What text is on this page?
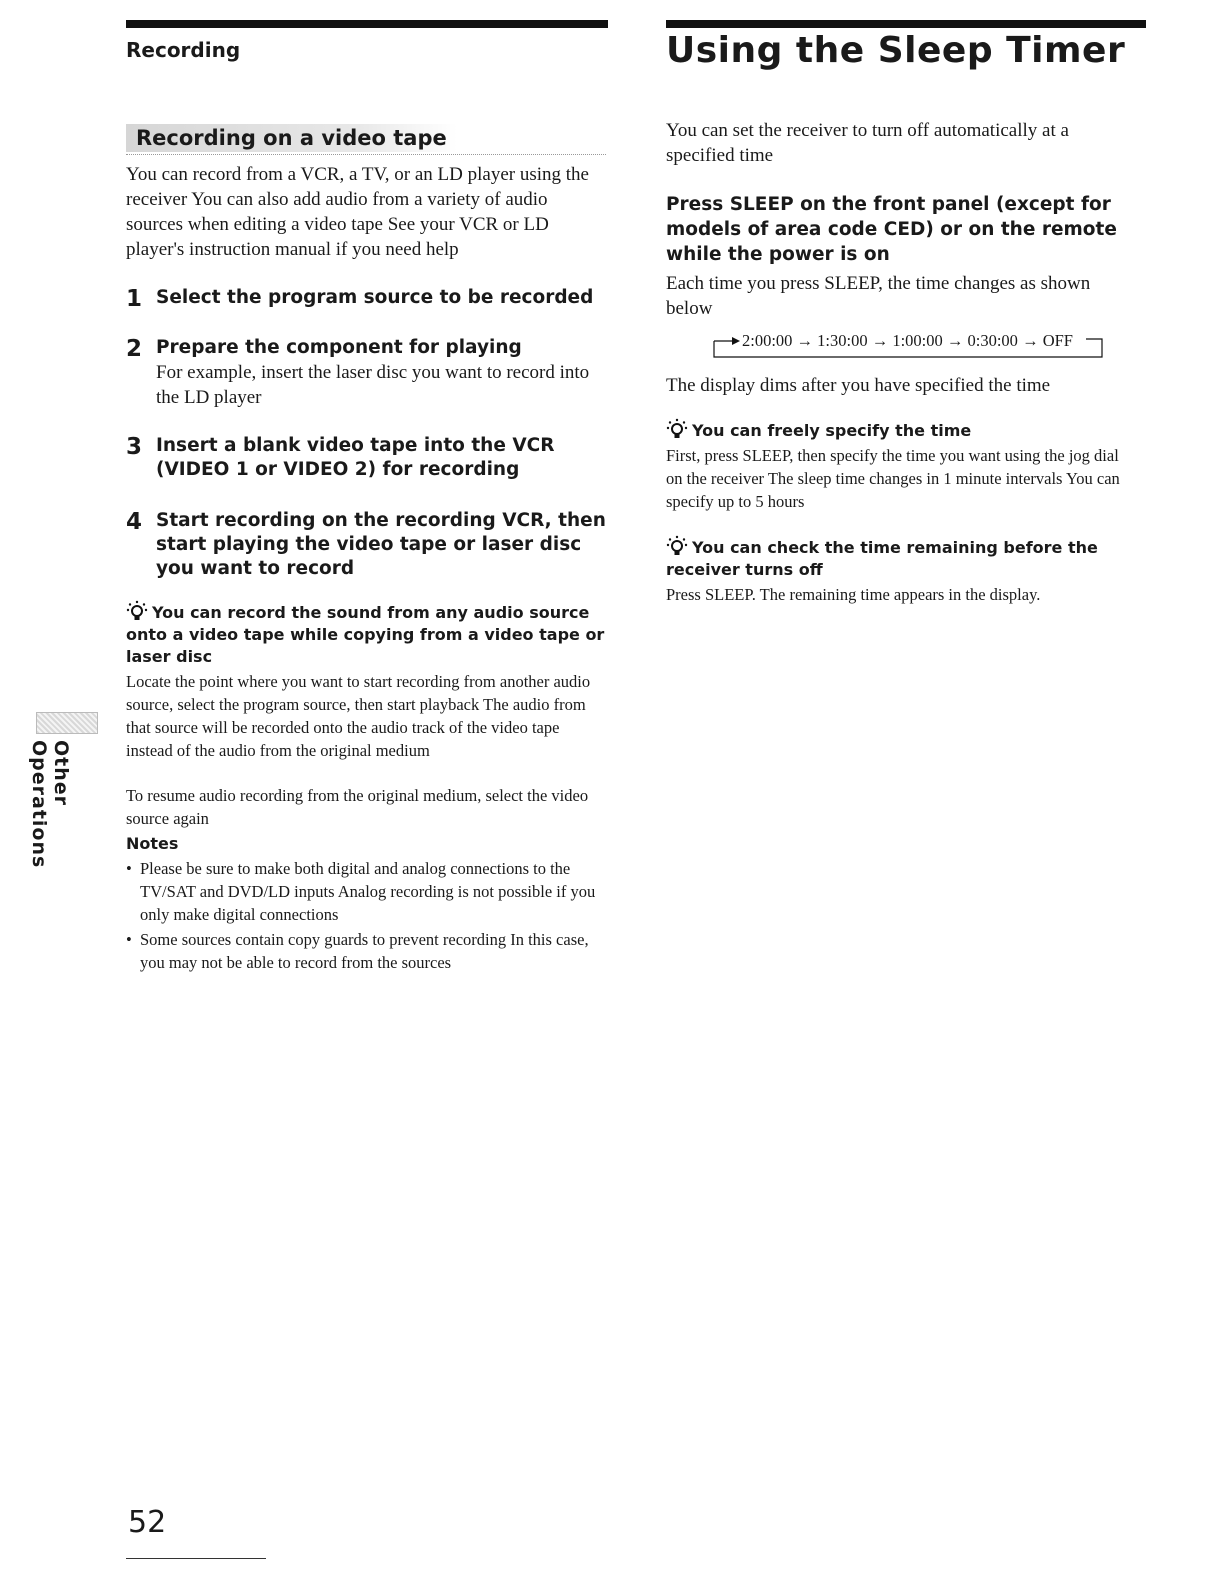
Recording	Using the Sleep Timer
Recording on a video tape

You can record from a VCR, a TV, or an LD player using the receiver You can also add audio from a variety of audio sources when editing a video tape See your VCR or LD player's instruction manual if you need help

1 Select the program source to be recorded
2 Prepare the component for playing
For example, insert the laser disc you want to record into the LD player
3 Insert a blank video tape into the VCR (VIDEO 1 or VIDEO 2) for recording
4 Start recording on the recording VCR, then start playing the video tape or laser disc you want to record

You can record the sound from any audio source onto a video tape while copying from a video tape or laser disc

Locate the point where you want to start recording from another audio source, select the program source, then start playback The audio from that source will be recorded onto the audio track of the video tape instead of the audio from the original medium

To resume audio recording from the original medium, select the video source again

Notes

• Please be sure to make both digital and analog connections to the TV/SAT and DVD/LD inputs Analog recording is not possible if you only make digital connections

• Some sources contain copy guards to prevent recording In this case, you may not be able to record from the sources

You can set the receiver to turn off automatically at a specified time

Press SLEEP on the front panel (except for models of area code CED) or on the remote while the power is on

Each time you press SLEEP, the time changes as shown below

2:00:00 → 1:30:00 → 1:00:00 → 0:30:00 → OFF

The display dims after you have specified the time

You can freely specify the time

First, press SLEEP, then specify the time you want using the jog dial on the receiver The sleep time changes in 1 minute intervals You can specify up to 5 hours

You can check the time remaining before the receiver turns off

Press SLEEP. The remaining time appears in the display.

Other Operations
52
